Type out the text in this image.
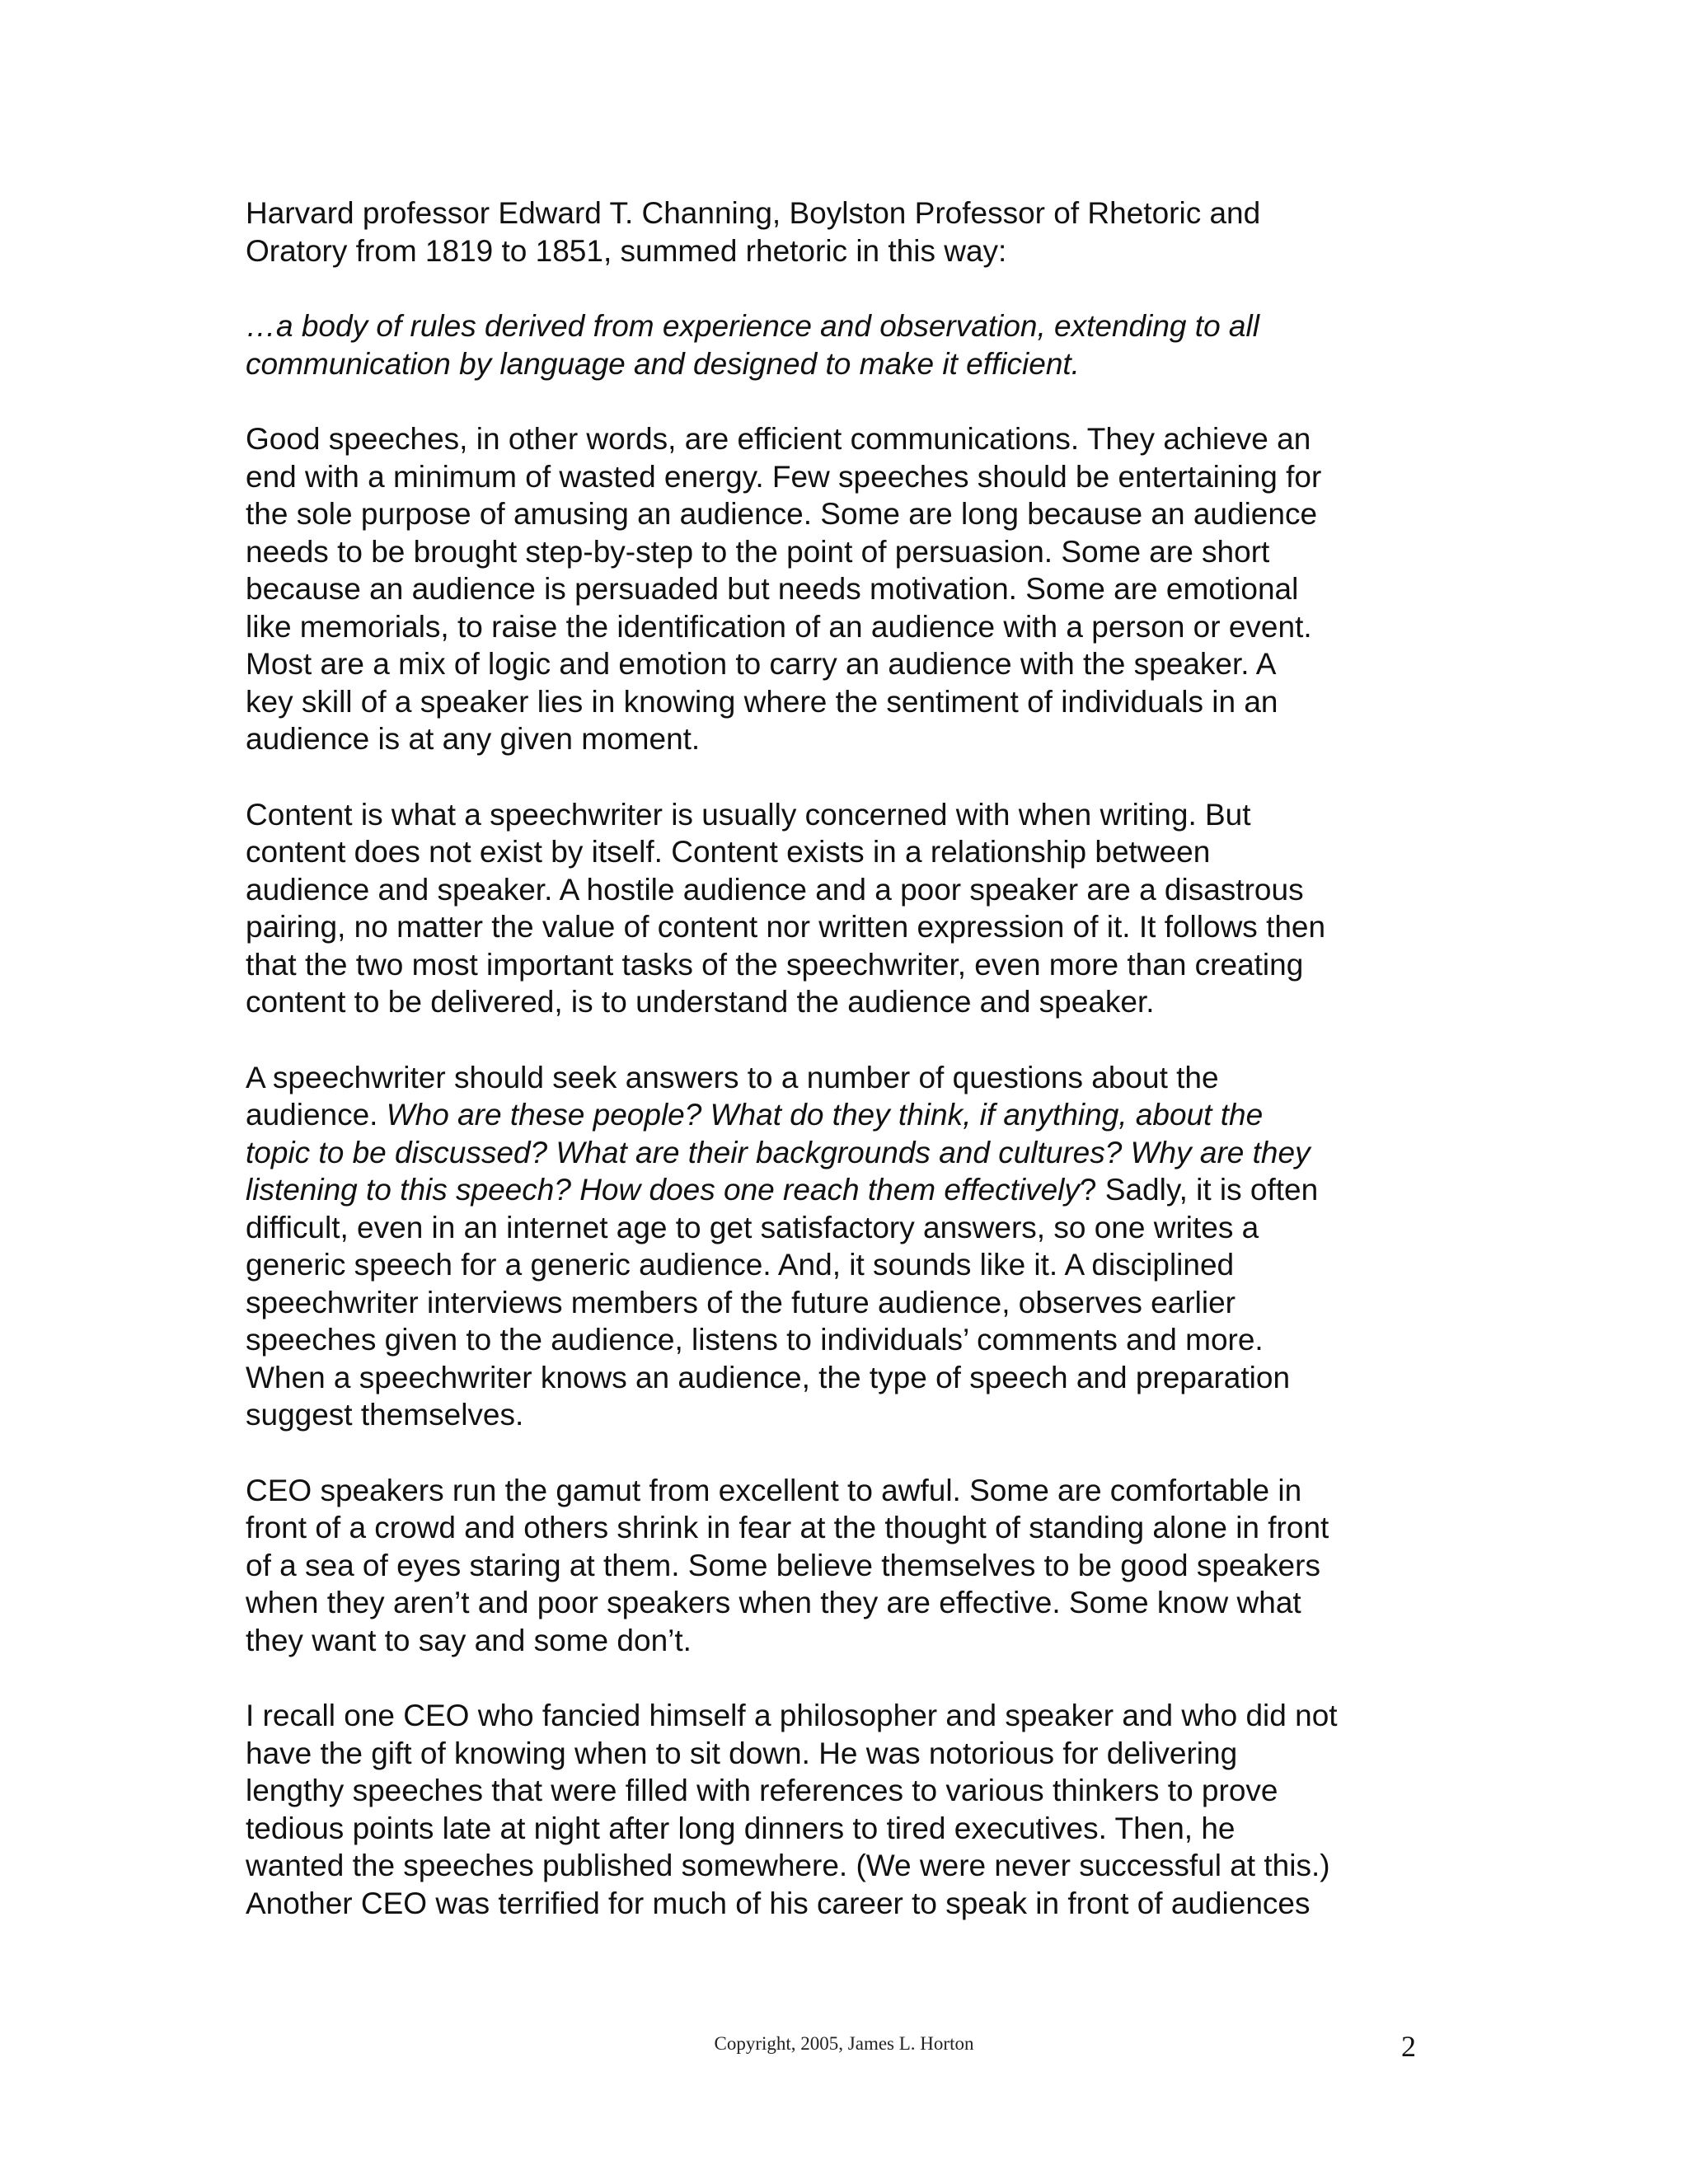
Harvard professor Edward T. Channing, Boylston Professor of Rhetoric and
Oratory from 1819 to 1851, summed rhetoric in this way:

…a body of rules derived from experience and observation, extending to all
communication by language and designed to make it efficient.

Good speeches, in other words, are efficient communications. They achieve an
end with a minimum of wasted energy. Few speeches should be entertaining for
the sole purpose of amusing an audience. Some are long because an audience
needs to be brought step-by-step to the point of persuasion. Some are short
because an audience is persuaded but needs motivation. Some are emotional
like memorials, to raise the identification of an audience with a person or event.
Most are a mix of logic and emotion to carry an audience with the speaker. A
key skill of a speaker lies in knowing where the sentiment of individuals in an
audience is at any given moment.

Content is what a speechwriter is usually concerned with when writing. But
content does not exist by itself. Content exists in a relationship between
audience and speaker. A hostile audience and a poor speaker are a disastrous
pairing, no matter the value of content nor written expression of it. It follows then
that the two most important tasks of the speechwriter, even more than creating
content to be delivered, is to understand the audience and speaker.

A speechwriter should seek answers to a number of questions about the
audience. Who are these people? What do they think, if anything, about the
topic to be discussed? What are their backgrounds and cultures? Why are they
listening to this speech? How does one reach them effectively? Sadly, it is often
difficult, even in an internet age to get satisfactory answers, so one writes a
generic speech for a generic audience. And, it sounds like it. A disciplined
speechwriter interviews members of the future audience, observes earlier
speeches given to the audience, listens to individuals’ comments and more.
When a speechwriter knows an audience, the type of speech and preparation
suggest themselves.

CEO speakers run the gamut from excellent to awful. Some are comfortable in
front of a crowd and others shrink in fear at the thought of standing alone in front
of a sea of eyes staring at them. Some believe themselves to be good speakers
when they aren’t and poor speakers when they are effective. Some know what
they want to say and some don’t.

I recall one CEO who fancied himself a philosopher and speaker and who did not
have the gift of knowing when to sit down. He was notorious for delivering
lengthy speeches that were filled with references to various thinkers to prove
tedious points late at night after long dinners to tired executives. Then, he
wanted the speeches published somewhere. (We were never successful at this.)
Another CEO was terrified for much of his career to speak in front of audiences

Copyright, 2005, James L. Horton	2
